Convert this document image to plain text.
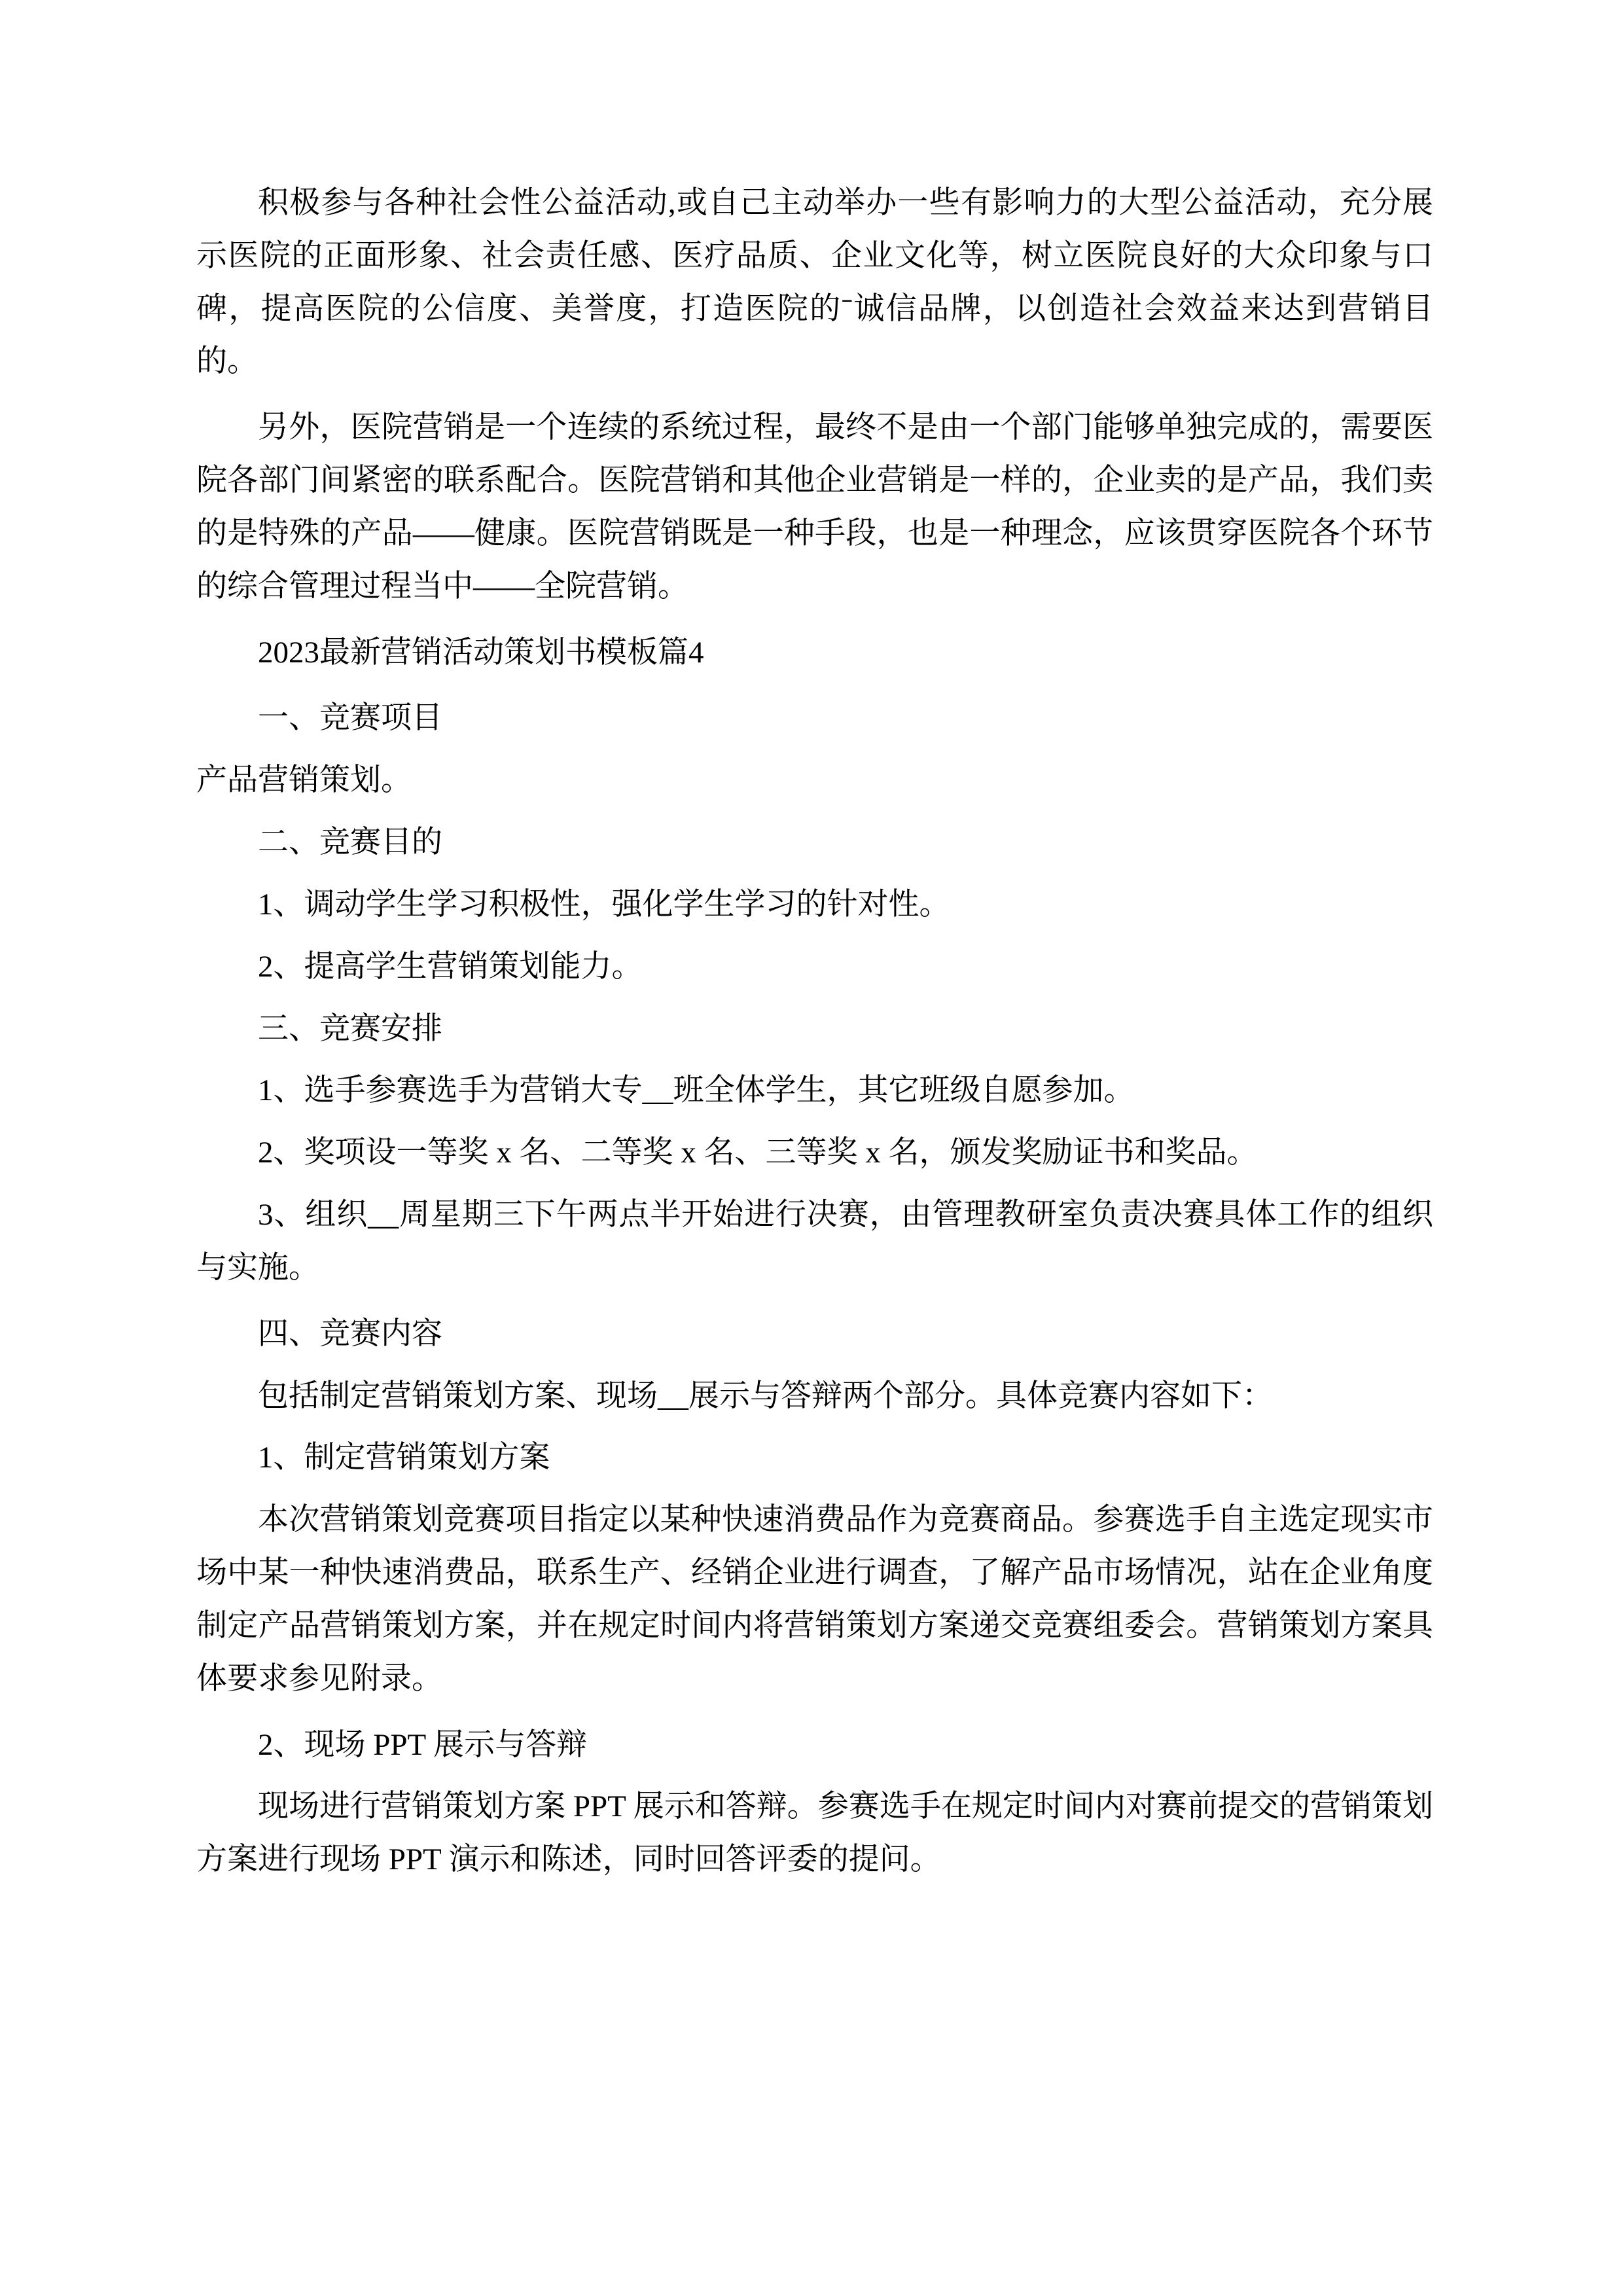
积极参与各种社会性公益活动,或自己主动举办一些有影响力的大型公益活动，充分展示医院的正面形象、社会责任感、医疗品质、企业文化等，树立医院良好的大众印象与口碑，提高医院的公信度、美誉度，打造医院的ˉ诚信品牌，以创造社会效益来达到营销目的。

另外，医院营销是一个连续的系统过程，最终不是由一个部门能够单独完成的，需要医院各部门间紧密的联系配合。医院营销和其他企业营销是一样的，企业卖的是产品，我们卖的是特殊的产品——健康。医院营销既是一种手段，也是一种理念，应该贯穿医院各个环节的综合管理过程当中——全院营销。

2023最新营销活动策划书模板篇4

一、竞赛项目

产品营销策划。

二、竞赛目的

1、调动学生学习积极性，强化学生学习的针对性。

2、提高学生营销策划能力。

三、竞赛安排

1、选手参赛选手为营销大专__班全体学生，其它班级自愿参加。

2、奖项设一等奖 x 名、二等奖 x 名、三等奖 x 名，颁发奖励证书和奖品。

3、组织__周星期三下午两点半开始进行决赛，由管理教研室负责决赛具体工作的组织与实施。

四、竞赛内容

包括制定营销策划方案、现场__展示与答辩两个部分。具体竞赛内容如下：

1、制定营销策划方案

本次营销策划竞赛项目指定以某种快速消费品作为竞赛商品。参赛选手自主选定现实市场中某一种快速消费品，联系生产、经销企业进行调查，了解产品市场情况，站在企业角度制定产品营销策划方案，并在规定时间内将营销策划方案递交竞赛组委会。营销策划方案具体要求参见附录。

2、现场 PPT 展示与答辩

现场进行营销策划方案 PPT 展示和答辩。参赛选手在规定时间内对赛前提交的营销策划方案进行现场 PPT 演示和陈述，同时回答评委的提问。
